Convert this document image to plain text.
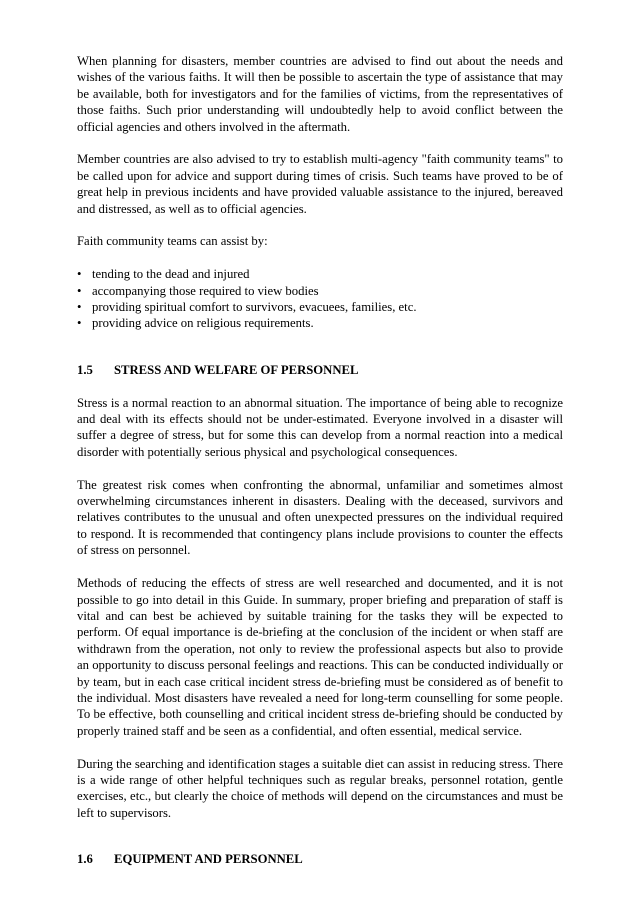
When planning for disasters, member countries are advised to find out about the needs and wishes of the various faiths. It will then be possible to ascertain the type of assistance that may be available, both for investigators and for the families of victims, from the representatives of those faiths. Such prior understanding will undoubtedly help to avoid conflict between the official agencies and others involved in the aftermath.

Member countries are also advised to try to establish multi-agency "faith community teams" to be called upon for advice and support during times of crisis. Such teams have proved to be of great help in previous incidents and have provided valuable assistance to the injured, bereaved and distressed, as well as to official agencies.

Faith community teams can assist by:

• tending to the dead and injured
• accompanying those required to view bodies
• providing spiritual comfort to survivors, evacuees, families, etc.
• providing advice on religious requirements.
1.5	STRESS AND WELFARE OF PERSONNEL

Stress is a normal reaction to an abnormal situation. The importance of being able to recognize and deal with its effects should not be under-estimated. Everyone involved in a disaster will suffer a degree of stress, but for some this can develop from a normal reaction into a medical disorder with potentially serious physical and psychological consequences.

The greatest risk comes when confronting the abnormal, unfamiliar and sometimes almost overwhelming circumstances inherent in disasters. Dealing with the deceased, survivors and relatives contributes to the unusual and often unexpected pressures on the individual required to respond. It is recommended that contingency plans include provisions to counter the effects of stress on personnel.

Methods of reducing the effects of stress are well researched and documented, and it is not possible to go into detail in this Guide. In summary, proper briefing and preparation of staff is vital and can best be achieved by suitable training for the tasks they will be expected to perform. Of equal importance is de-briefing at the conclusion of the incident or when staff are withdrawn from the operation, not only to review the professional aspects but also to provide an opportunity to discuss personal feelings and reactions. This can be conducted individually or by team, but in each case critical incident stress de-briefing must be considered as of benefit to the individual. Most disasters have revealed a need for long-term counselling for some people. To be effective, both counselling and critical incident stress de-briefing should be conducted by properly trained staff and be seen as a confidential, and often essential, medical service.

During the searching and identification stages a suitable diet can assist in reducing stress. There is a wide range of other helpful techniques such as regular breaks, personnel rotation, gentle exercises, etc., but clearly the choice of methods will depend on the circumstances and must be left to supervisors.

1.6	EQUIPMENT AND PERSONNEL
